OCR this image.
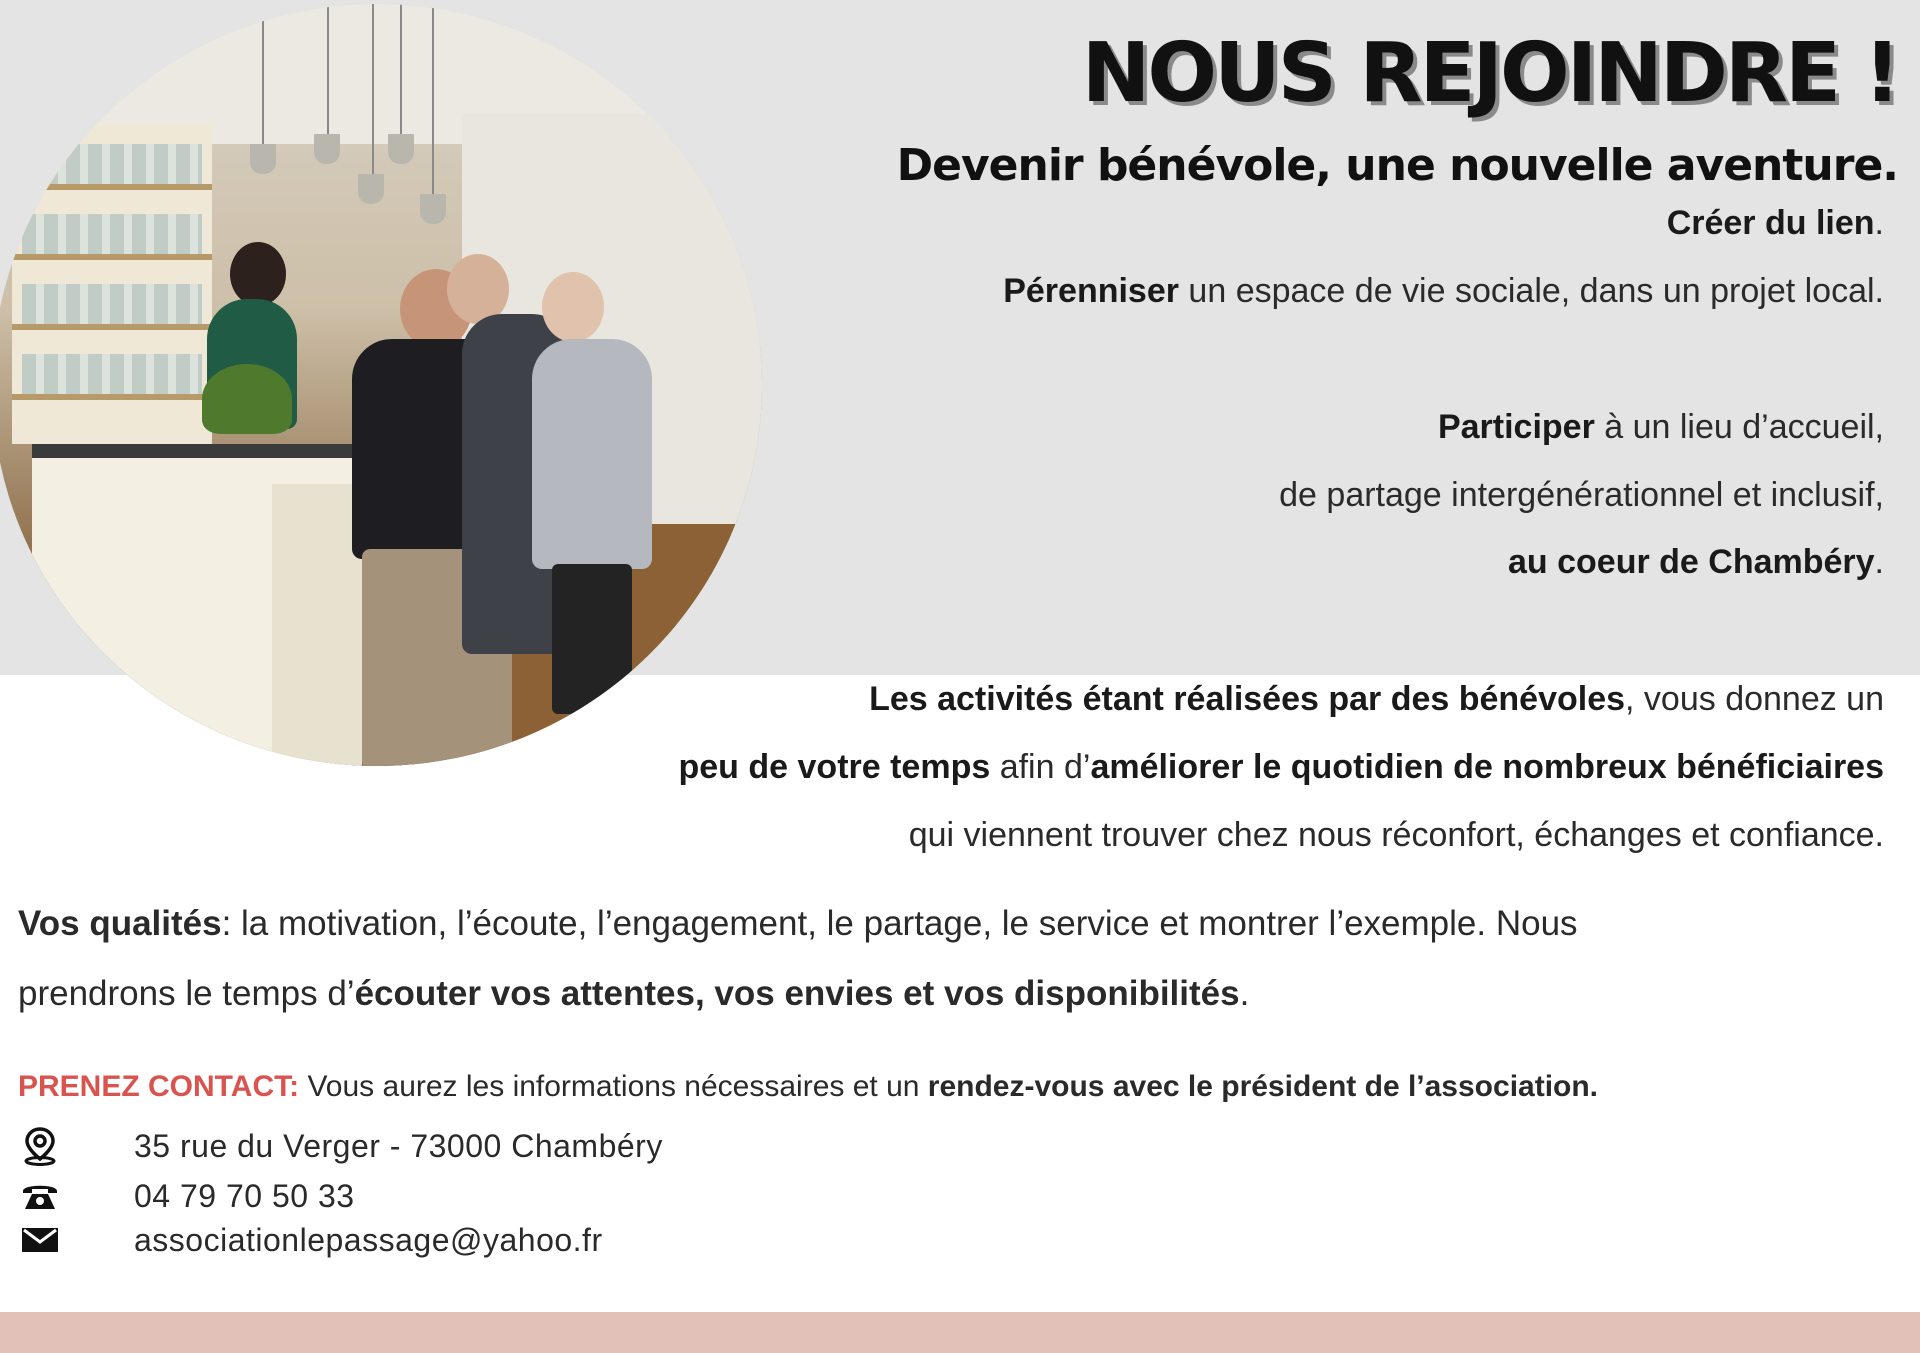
NOUS REJOINDRE !
Devenir bénévole, une nouvelle aventure.
Créer du lien.
Pérenniser un espace de vie sociale, dans un projet local.
Participer à un lieu d’accueil,
de partage intergénérationnel et inclusif,
au coeur de Chambéry.
Les activités étant réalisées par des bénévoles, vous donnez un
peu de votre temps afin d’améliorer le quotidien de nombreux bénéficiaires
qui viennent trouver chez nous réconfort, échanges et confiance.
Vos qualités: la motivation, l’écoute, l’engagement, le partage, le service et montrer l’exemple. Nous
prendrons le temps d’écouter vos attentes, vos envies et vos disponibilités.
PRENEZ CONTACT: Vous aurez les informations nécessaires et un rendez-vous avec le président de l’association.
35 rue du Verger - 73000 Chambéry
04 79 70 50 33
associationlepassage@yahoo.fr
